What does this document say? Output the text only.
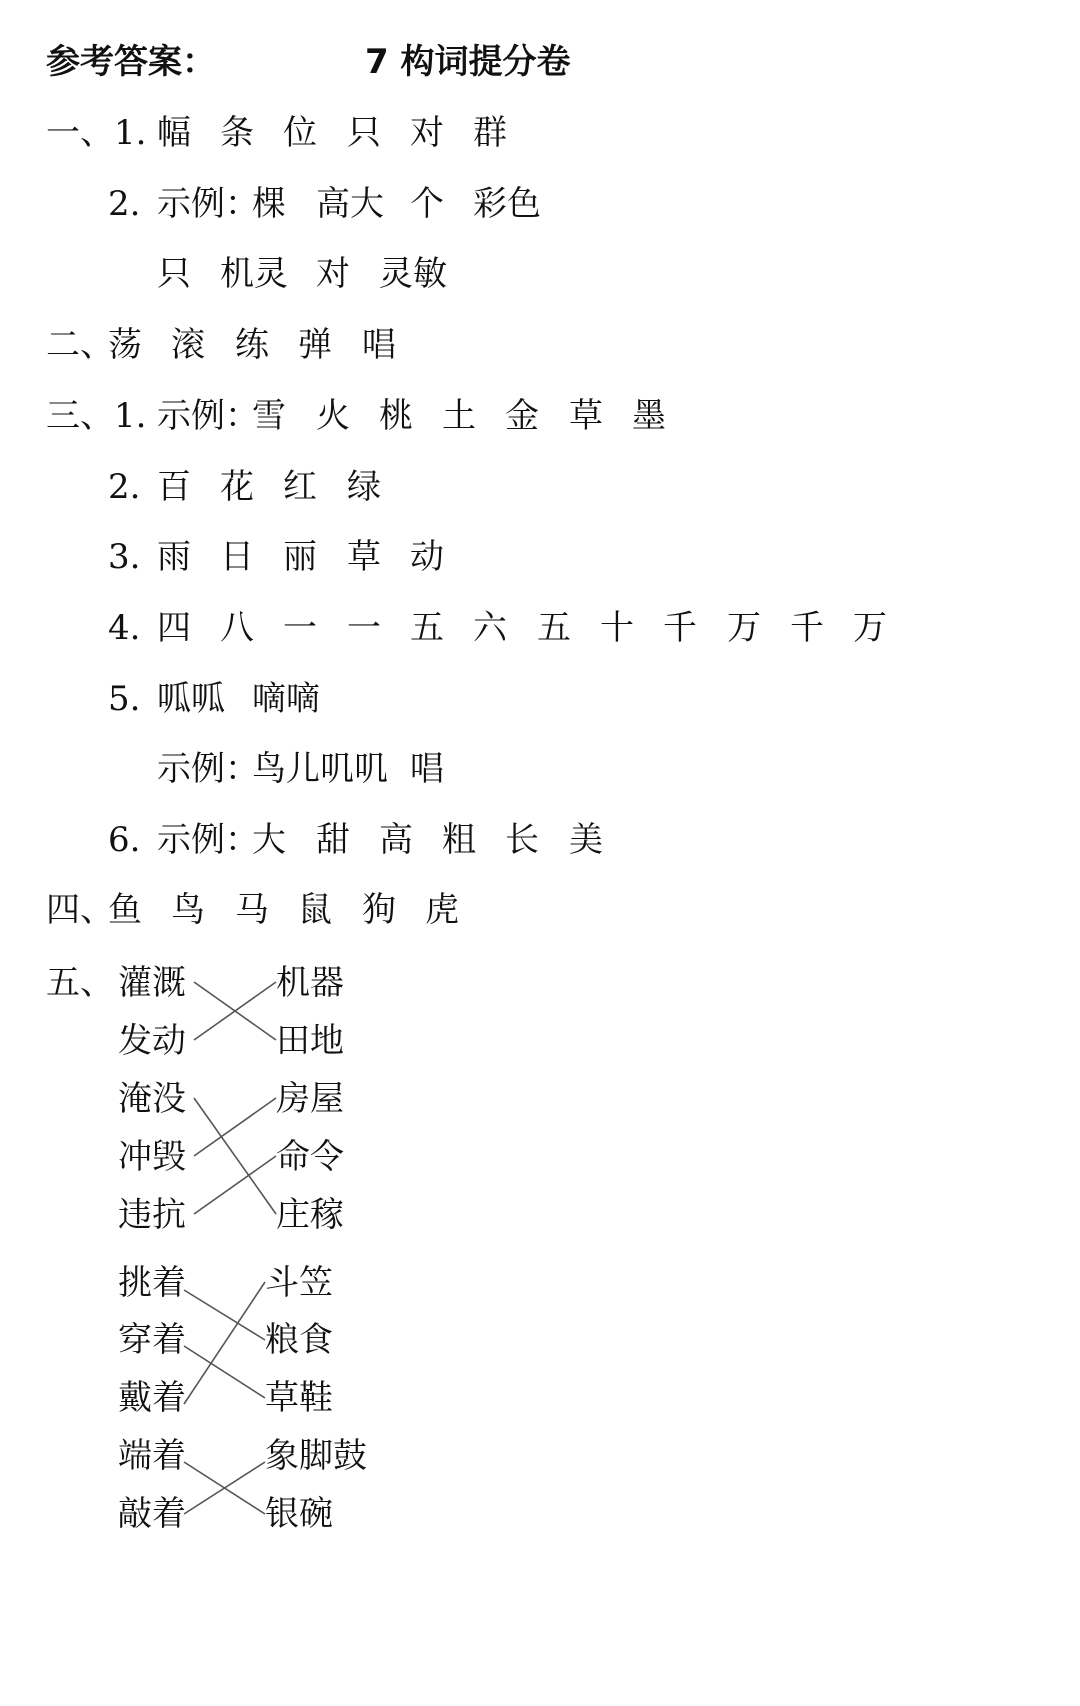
参考答案：	7 构词提分卷
一、1. 幅 条 位 只 对 群
2. 示例：
棵 高大 个 彩色
只 机灵 对 灵敏
二、
荡 滚 练 弹 唱
三、1. 示例：
雪 火 桃 土 金 草 墨
2. 百 花 红 绿
3. 雨 日 丽 草 动
4. 四 八 一 一 五 六 五 十 千 万 千 万
5. 呱呱 嘀嘀
示例：
鸟儿叽叽 唱
6. 示例：
大 甜 高 粗 长 美
四、
鱼 鸟 马 鼠 狗 虎
五、 灌溉
发动
机器
田地
淹没
冲毁
违抗
房屋
命令
庄稼
挑着
穿着
戴着
斗笠
粮食
草鞋
端着
敲着
象脚鼓
银碗
